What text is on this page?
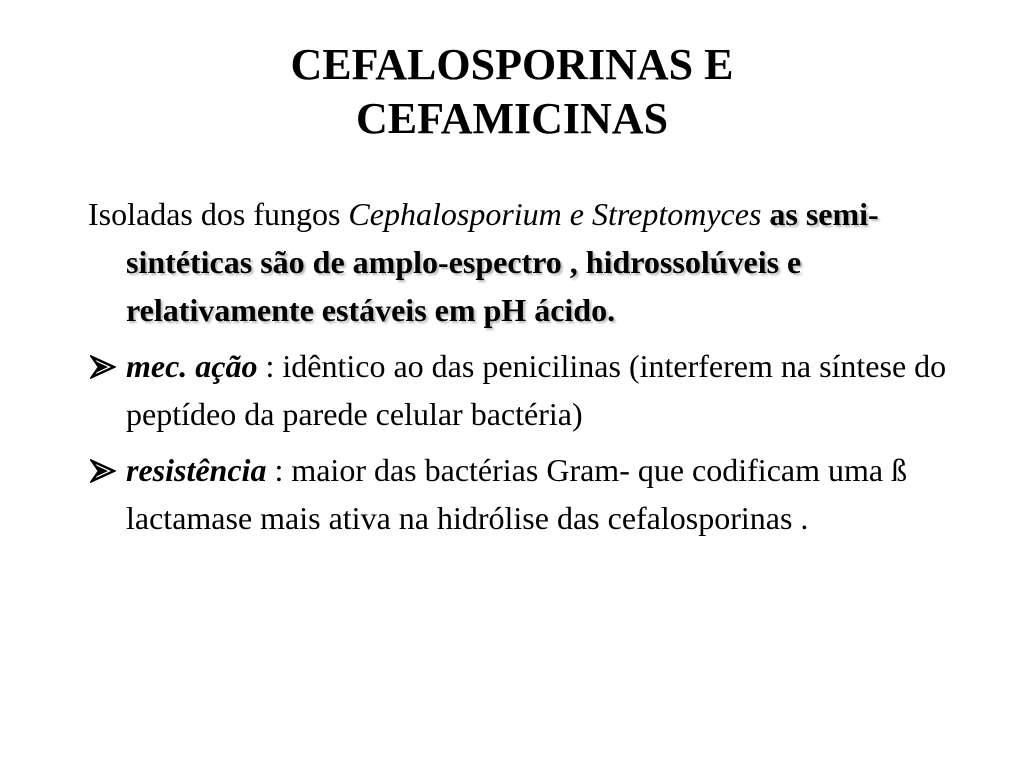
CEFALOSPORINAS E
CEFAMICINAS

Isoladas dos fungos Cephalosporium e Streptomyces as semi-sintéticas são de amplo-espectro , hidrossolúveis e relativamente estáveis em pH ácido.

mec. ação : idêntico ao das penicilinas (interferem na síntese do peptídeo da parede celular bactéria)

resistência : maior das bactérias Gram- que codificam uma ß lactamase mais ativa na hidrólise das cefalosporinas .
